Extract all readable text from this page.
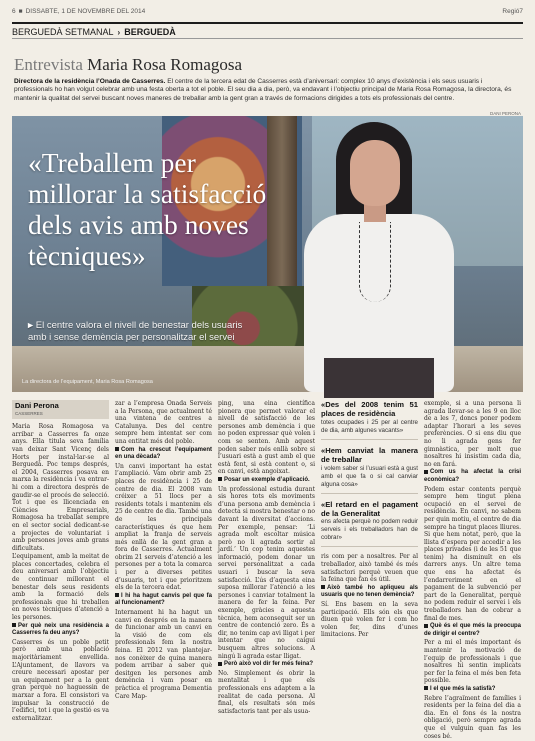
6 ■ DISSABTE, 1 DE NOVEMBRE DEL 2014	Regió7
BERGUEDÀ SETMANAL › BERGUEDÀ
Entrevista Maria Rosa Romagosa
Directora de la residència l’Onada de Casserres. El centre de la tercera edat de Casserres està d’aniversari: complex 10 anys d’existència i els seus usuaris i professionals ho han volgut celebrar amb una festa oberta a tot el poble. El seu dia a dia, però, va endavant i l’objectiu principal de Maria Rosa Romagosa, la directora, és mantenir la qualitat del servei buscant noves maneres de treballar amb la gent gran a través de formacions dirigides a tots els professionals del centre.
DANI PERONA
«Treballem per millorar la satisfacció dels avis amb noves tècniques»
▸ El centre valora el nivell de benestar dels usuaris amb i sense demència per personalitzar el servei
La directora de l’equipament, Maria Rosa Romagosa
Dani Perona
CASSERRES

Maria Rosa Romagosa va arribar a Casserres fa onze anys. Ella titula seva família van deixar Sant Vicenç dels Horts per instal·lar-se al Berguedà. Poc temps després, el 2004, Casserres posava en marxa la residència i va entrar-hi com a directora després de gaudir-se el procés de selecció. Tot i que es llicenciada en Ciències Empresarials, Romagosa ha treballat sempre en el sector social dedicant-se a projectes de voluntariat i amb persones joves amb grans dificultats.

L’equipament, amb la meitat de places concertades, celebra el deu aniversari amb l’objectiu de continuar millorant el benestar dels seus residents amb la formació dels professionals que hi treballen en noves tècniques d’atenció a les persones.

Per què neix una residència a Casserres fa deu anys?

Casserres és un poble petit però amb una població majoritàriament envellida. L’Ajuntament, de llavors va creure necessari apostar per un equipament per a la gent gran perquè no haguessin de marxar a fora. El consistori va impulsar la construcció de l’edifici, tot i que la gestió es va externalitzar.

zar a l’empresa Onada Serveis a la Persona, que actualment té una vintena de centres a Catalunya. Des del centre sempre hem intentat ser com una entitat més del poble.

Com ha crescut l’equipament en una dècada?

Un canvi important ha estat l’ampliació. Vam obrir amb 25 places de residència i 25 de centre de dia. El 2008 vam créixer a 51 llocs per a residents totals i mantenim els 25 de centre de dia. També una de les principals característiques és que hem ampliat la franja de serveis més enllà de la gent gran a fora de Casserres. Actualment obrim 21 serveis d’atenció a les persones per a tota la comarca i per a diverses petites d’usuaris, tot i que prioritzem els de la tercera edat.

I hi ha hagut canvis pel que fa al funcionament?

Internament hi ha hagut un canvi en després en la manera de funcionar amb un canvi en la visió de com els professionals fem la nostra feina. El 2012 van plantejar-nos conèixer de quina manera podem arribar a saber què desitgen les persones amb demència i vam posar en pràctica el programa Dementia Care Map-

ping, una eina científica pionera que permet valorar el nivell de satisfacció de les persones amb demència i que no poden expressar què volen i com se senten. Amb aquest poden saber més enllà sobre si l’usuari està a gust amb el que està fent, si està content o, si en canvi, està angoixat.

Posar un exemple d’aplicació.

Un professional estudia durant sis hores tots els moviments d’una persona amb demència i detecta si mostra benestar o no davant la diversitat d’accions. Per exemple, pensar: ‘Li agrada molt escoltar música però no li agrada sortir al jardí.’ Un cop tenim aquestes informació, podem donar un servei personalitzat a cada usuari i buscar la seva satisfacció. L’ús d’aquesta eina suposa millorar l’atenció a les persones i canviar totalment la manera de fer la feina. Per exemple, gràcies a aquesta tècnica, hem aconseguit ser un centre de contenció zero. És a dir, no tenim cap avi lligat i per intentar que no caigui busquem altres solucions. A ningú li agrada estar lligat.

Però això vol dir fer més feina?

No. Simplement és obrir la mentalitat i que els professionals ens adaptem a la realitat de cada persona. Al final, els resultats són més satisfactoris tant per als usua-

«Des del 2008 tenim 51 places de residència
totes ocupades i 25 per al centre de dia, amb algunes vacants»
«Hem canviat la manera de treballar
i volem saber si l’usuari està a gust amb el que fa o si cal canviar alguna cosa»
«El retard en el pagament de la Generalitat
ens afecta perquè no podem reduir serveis i els treballadors han de cobrar»

ris com per a nosaltres. Per al treballador, això també és més satisfactori perquè veuen que la feina que fan és útil.

Això també ho apliqueu als usuaris que no tenen demència?

Sí. Ens basem en la seva participació. Ells són els que diuen què volen fer i com ho volen fer, dins d’unes limitacions. Per

exemple, si a una persona li agrada llevar-se a les 9 en lloc de a les 7, doncs poner podem adaptar l’horari a les seves preferències. O si ens diu que no li agrada gens fer gimnàstica, per molt que nosaltres hi insistim cada dia, no en fará.

Com us ha afectat la crisi econòmica?

Podem estar contents perquè sempre hem tingut plena ocupació en el servei de residència. En canvi, no sabem per quin motiu, el centre de dia sempre ha tingut places lliures. Si que hem notat, però, que la llista d’espera per accedir a les places privades (i de les 51 que tenim) ha disminuït en els darrers anys. Un altre tema que ens ha afectat és l’endarreriment en el pagament de la subvenció per part de la Generalitat, perquè no podem reduir el servei i els treballadors han de cobrar a final de mes.

Què és el que més la preocupa de dirigir el centre?

Per a mi el més important és mantenir la motivació de l’equip de professionals i que nosaltres hi sentin implicats per fer la feina el més ben feta possible.

I el que més la satisfà?

Rebre l’agraïment de famílies i residents per la feina del dia a dia. En el fons és la nostra obligació, però sempre agrada que el vulguin quan fas les coses bé.
